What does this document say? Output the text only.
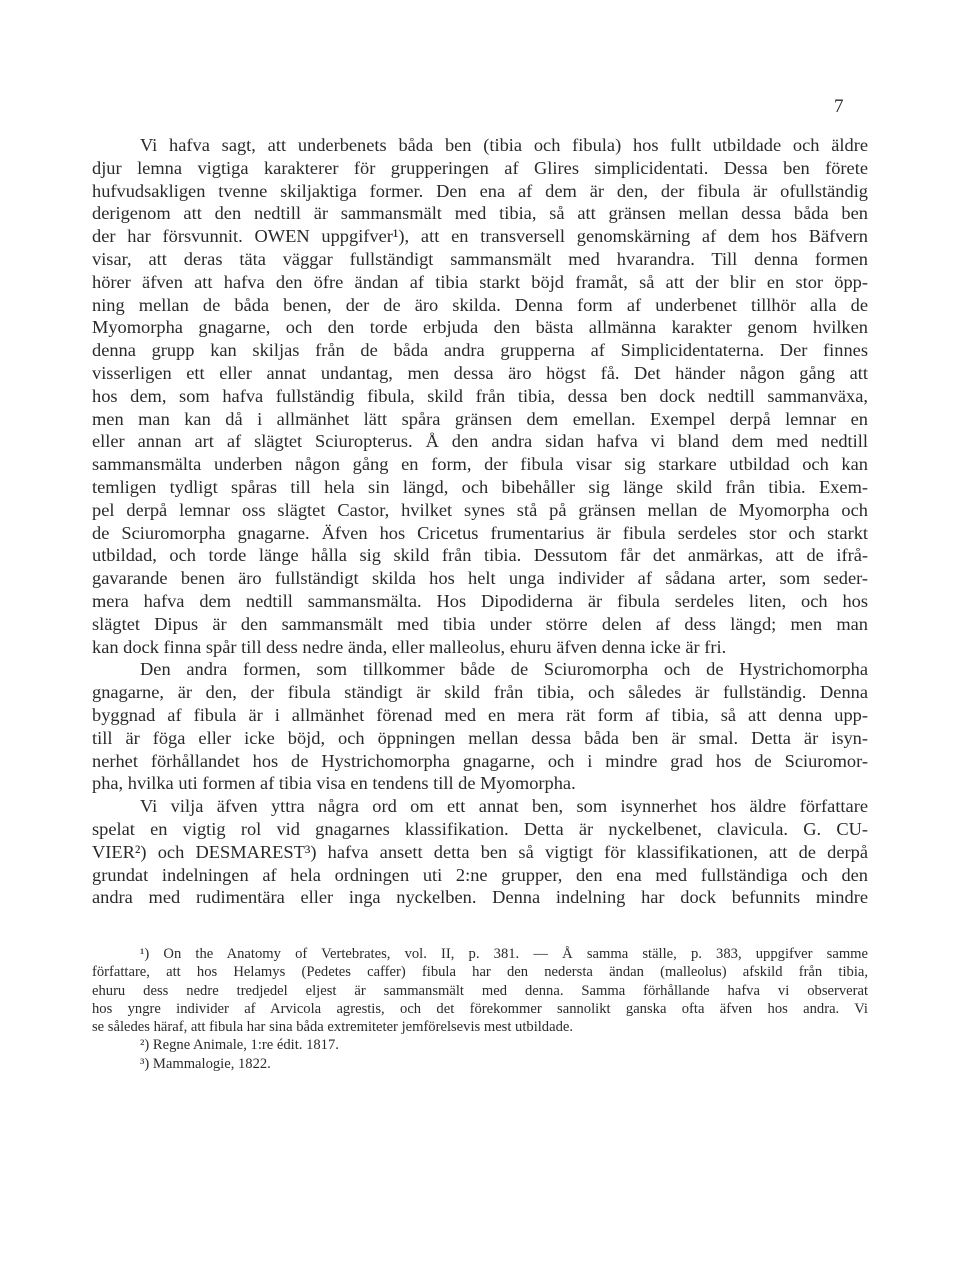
7
Vi hafva sagt, att underbenets båda ben (tibia och fibula) hos fullt utbildade och äldre
djur lemna vigtiga karakterer för grupperingen af Glires simplicidentati. Dessa ben förete
hufvudsakligen tvenne skiljaktiga former. Den ena af dem är den, der fibula är ofullständig
derigenom att den nedtill är sammansmält med tibia, så att gränsen mellan dessa båda ben
der har försvunnit. OWEN uppgifver¹), att en transversell genomskärning af dem hos Bäfvern
visar, att deras täta väggar fullständigt sammansmält med hvarandra. Till denna formen
hörer äfven att hafva den öfre ändan af tibia starkt böjd framåt, så att der blir en stor öpp-
ning mellan de båda benen, der de äro skilda. Denna form af underbenet tillhör alla de
Myomorpha gnagarne, och den torde erbjuda den bästa allmänna karakter genom hvilken
denna grupp kan skiljas från de båda andra grupperna af Simplicidentaterna. Der finnes
visserligen ett eller annat undantag, men dessa äro högst få. Det händer någon gång att
hos dem, som hafva fullständig fibula, skild från tibia, dessa ben dock nedtill sammanväxa,
men man kan då i allmänhet lätt spåra gränsen dem emellan. Exempel derpå lemnar en
eller annan art af slägtet Sciuropterus. Å den andra sidan hafva vi bland dem med nedtill
sammansmälta underben någon gång en form, der fibula visar sig starkare utbildad och kan
temligen tydligt spåras till hela sin längd, och bibehåller sig länge skild från tibia. Exem-
pel derpå lemnar oss slägtet Castor, hvilket synes stå på gränsen mellan de Myomorpha och
de Sciuromorpha gnagarne. Äfven hos Cricetus frumentarius är fibula serdeles stor och starkt
utbildad, och torde länge hålla sig skild från tibia. Dessutom får det anmärkas, att de ifrå-
gavarande benen äro fullständigt skilda hos helt unga individer af sådana arter, som seder-
mera hafva dem nedtill sammansmälta. Hos Dipodiderna är fibula serdeles liten, och hos
slägtet Dipus är den sammansmält med tibia under större delen af dess längd; men man
kan dock finna spår till dess nedre ända, eller malleolus, ehuru äfven denna icke är fri.
Den andra formen, som tillkommer både de Sciuromorpha och de Hystrichomorpha
gnagarne, är den, der fibula ständigt är skild från tibia, och således är fullständig. Denna
byggnad af fibula är i allmänhet förenad med en mera rät form af tibia, så att denna upp-
till är föga eller icke böjd, och öppningen mellan dessa båda ben är smal. Detta är isyn-
nerhet förhållandet hos de Hystrichomorpha gnagarne, och i mindre grad hos de Sciuromor-
pha, hvilka uti formen af tibia visa en tendens till de Myomorpha.
Vi vilja äfven yttra några ord om ett annat ben, som isynnerhet hos äldre författare
spelat en vigtig rol vid gnagarnes klassifikation. Detta är nyckelbenet, clavicula. G. CU-
VIER²) och DESMAREST³) hafva ansett detta ben så vigtigt för klassifikationen, att de derpå
grundat indelningen af hela ordningen uti 2:ne grupper, den ena med fullständiga och den
andra med rudimentära eller inga nyckelben. Denna indelning har dock befunnits mindre
¹) On the Anatomy of Vertebrates, vol. II, p. 381. — Å samma ställe, p. 383, uppgifver samme
författare, att hos Helamys (Pedetes caffer) fibula har den nedersta ändan (malleolus) afskild från tibia,
ehuru dess nedre tredjedel eljest är sammansmält med denna. Samma förhållande hafva vi observerat
hos yngre individer af Arvicola agrestis, och det förekommer sannolikt ganska ofta äfven hos andra. Vi
se således häraf, att fibula har sina båda extremiteter jemförelsevis mest utbildade.
²) Regne Animale, 1:re édit. 1817.
³) Mammalogie, 1822.
